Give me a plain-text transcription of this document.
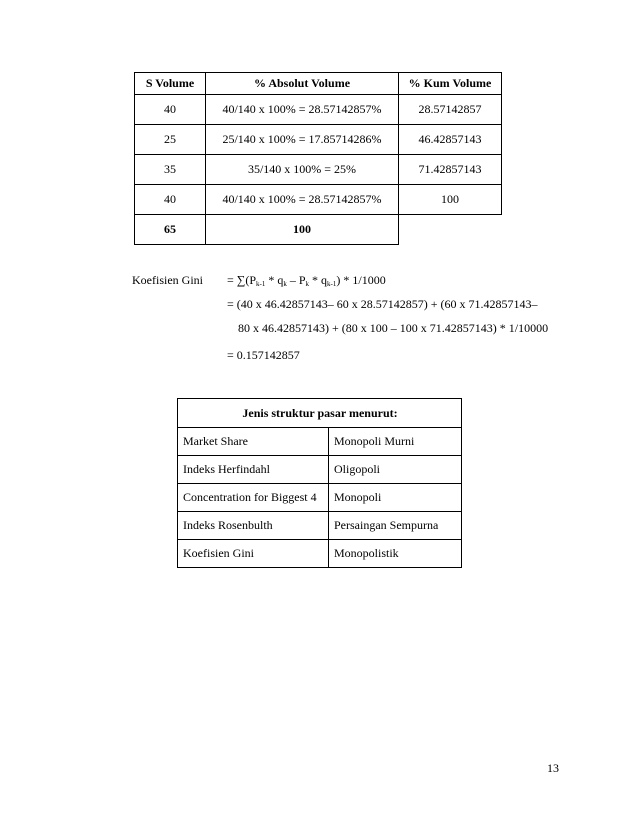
S Volume	% Absolut Volume	% Kum Volume
40	40/140 x 100% = 28.57142857%	28.57142857
25	25/140 x 100% = 17.85714286%	46.42857143
35	35/140 x 100% = 25%	71.42857143
40	40/140 x 100% = 28.57142857%	100
65	100	
Koefisien Gini = $\sum(P_{k-1} * q_k - P_k * q_{k-1}) * 1/1000$
= (40 x 46.42857143– 60 x 28.57142857) + (60 x 71.42857143–
80 x 46.42857143) + (80 x 100 – 100 x 71.42857143) * 1/10000
= 0.157142857
Jenis struktur pasar menurut:	
Market Share	Monopoli Murni
Indeks Herfindahl	Oligopoli
Concentration for Biggest 4	Monopoli
Indeks Rosenbulth	Persaingan Sempurna
Koefisien Gini	Monopolistik
13
